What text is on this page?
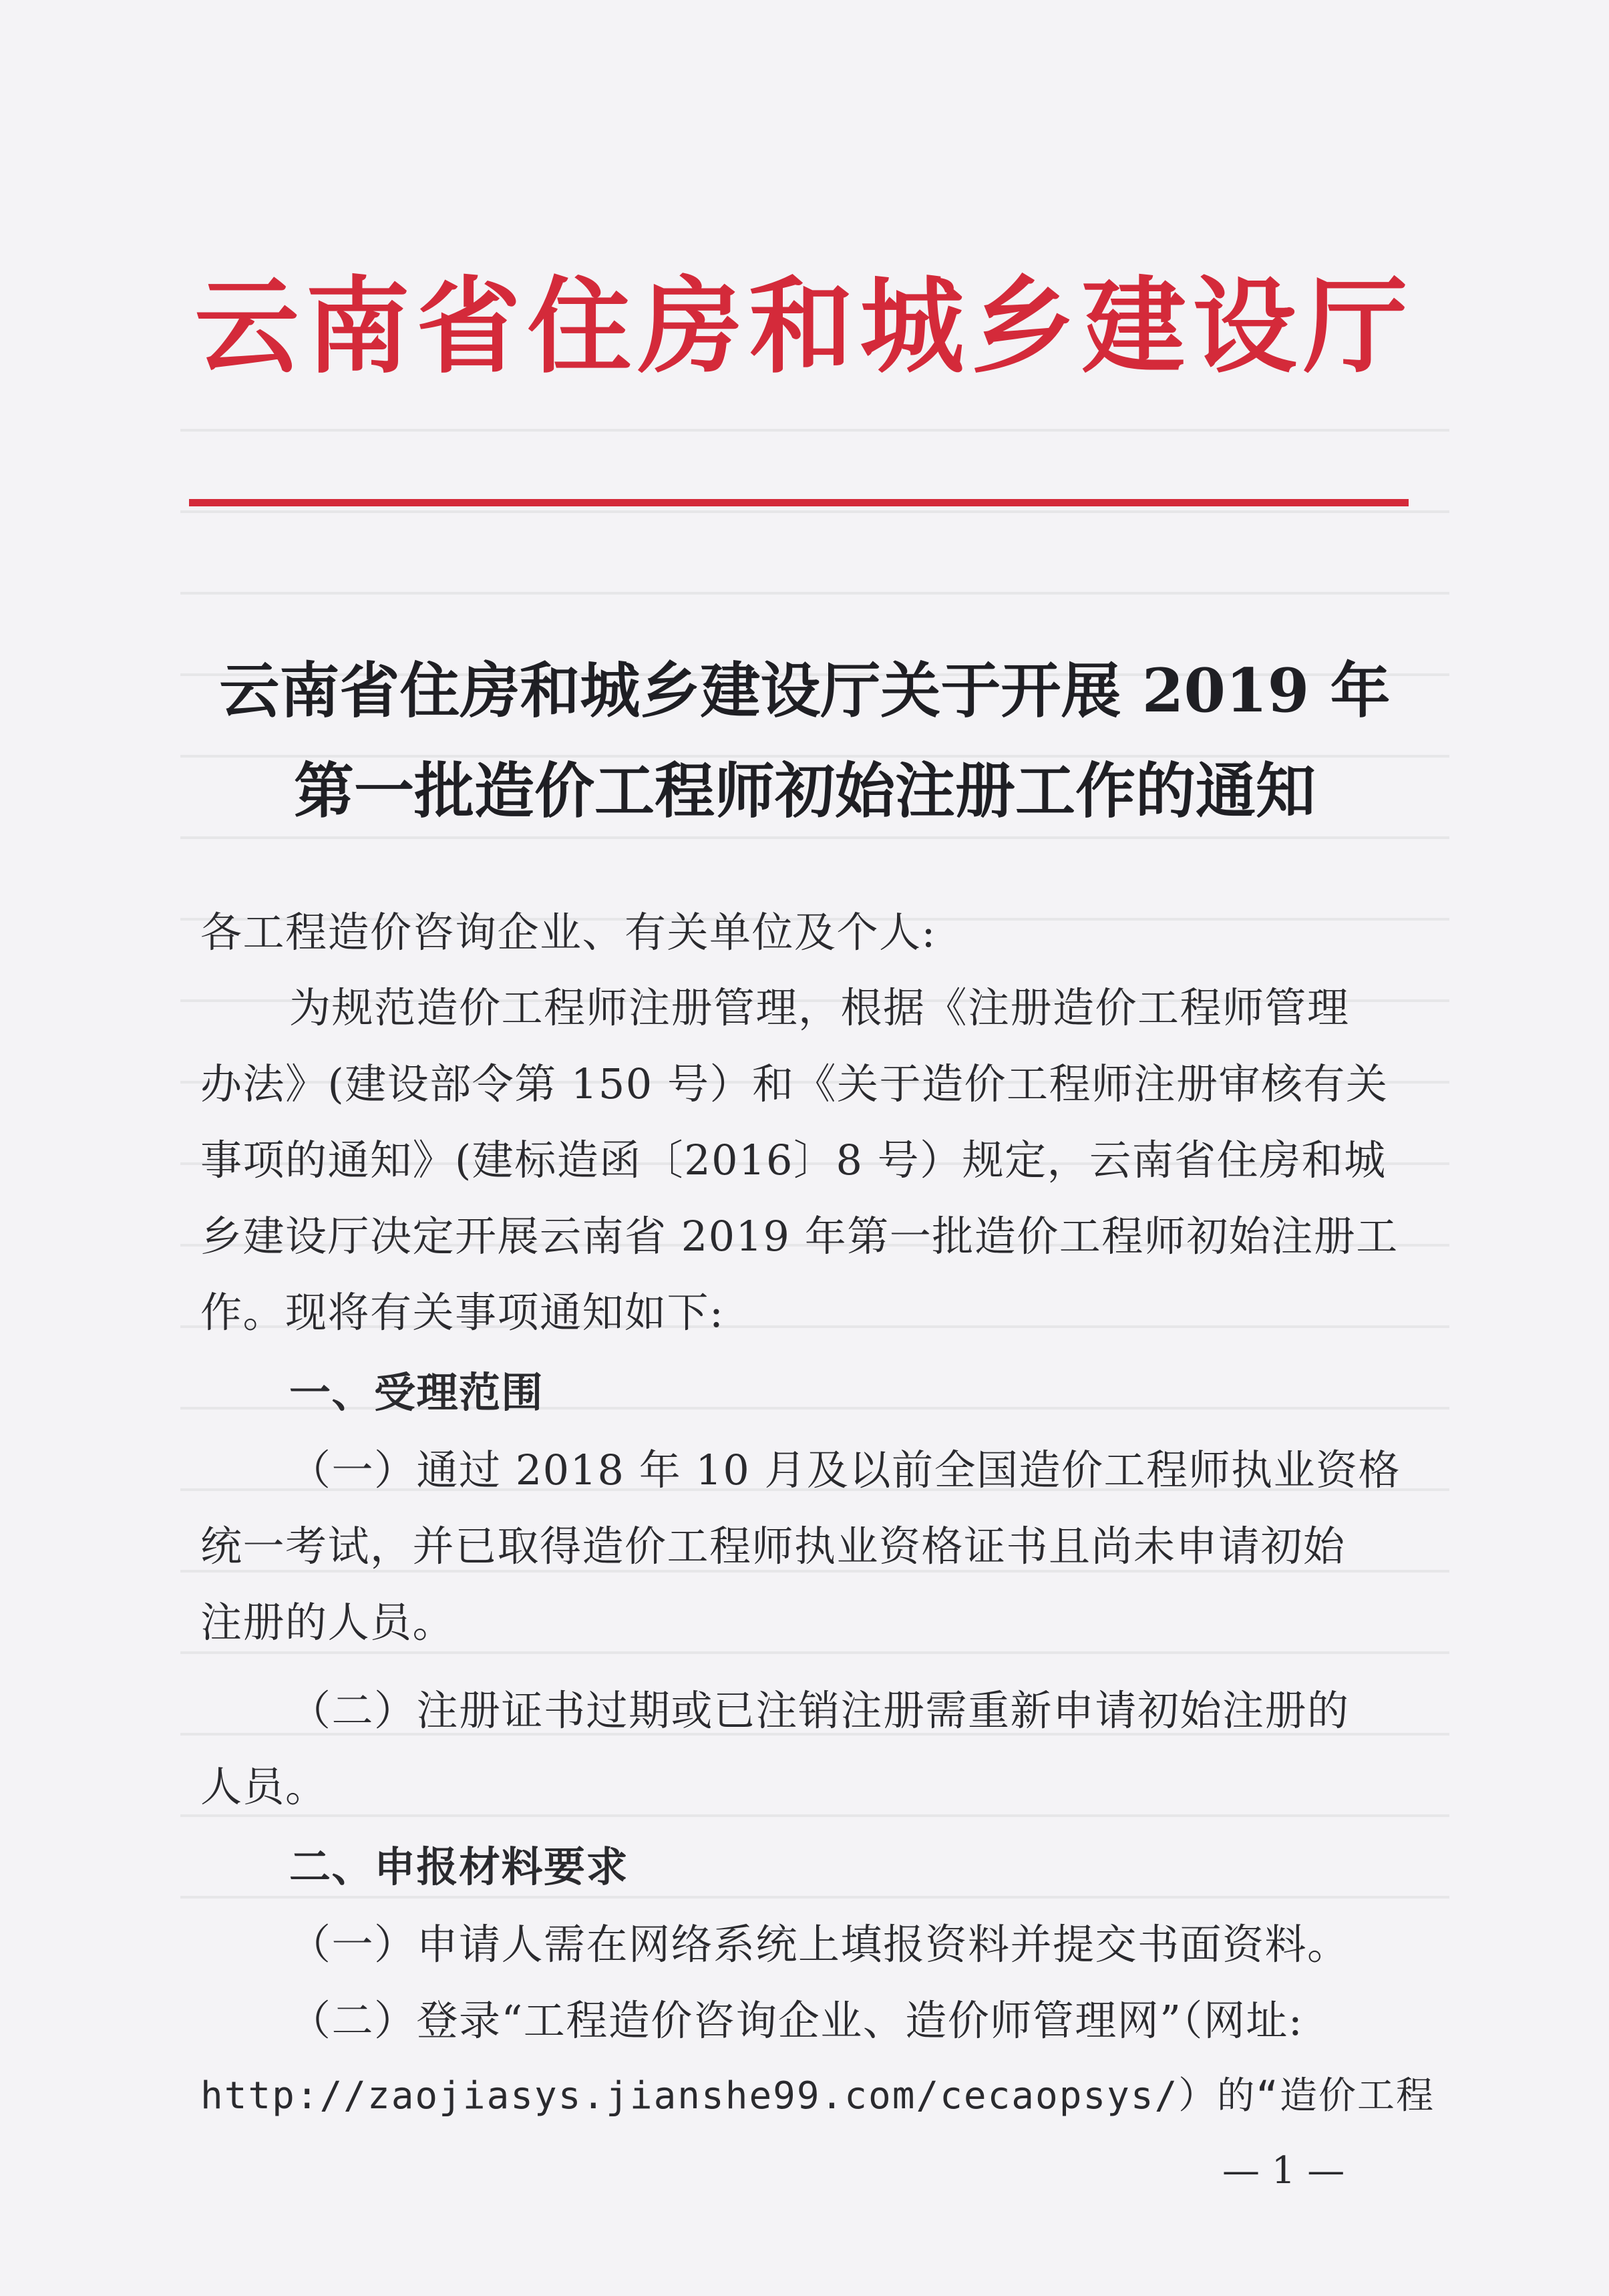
云南省住房和城乡建设厅
云南省住房和城乡建设厅关于开展 2019 年
第一批造价工程师初始注册工作的通知
各工程造价咨询企业、有关单位及个人:
为规范造价工程师注册管理，根据《注册造价工程师管理
办法》(建设部令第 150 号）和《关于造价工程师注册审核有关
事项的通知》(建标造函〔2016〕8 号）规定，云南省住房和城
乡建设厅决定开展云南省 2019 年第一批造价工程师初始注册工
作。现将有关事项通知如下:
一、受理范围
（一）通过 2018 年 10 月及以前全国造价工程师执业资格
统一考试，并已取得造价工程师执业资格证书且尚未申请初始
注册的人员。
（二）注册证书过期或已注销注册需重新申请初始注册的
人员。
二、申报材料要求
（一）申请人需在网络系统上填报资料并提交书面资料。
（二）登录“工程造价咨询企业、造价师管理网”（网址:
http://zaojiasys.jianshe99.com/cecaopsys/）的“造价工程
— 1 —
